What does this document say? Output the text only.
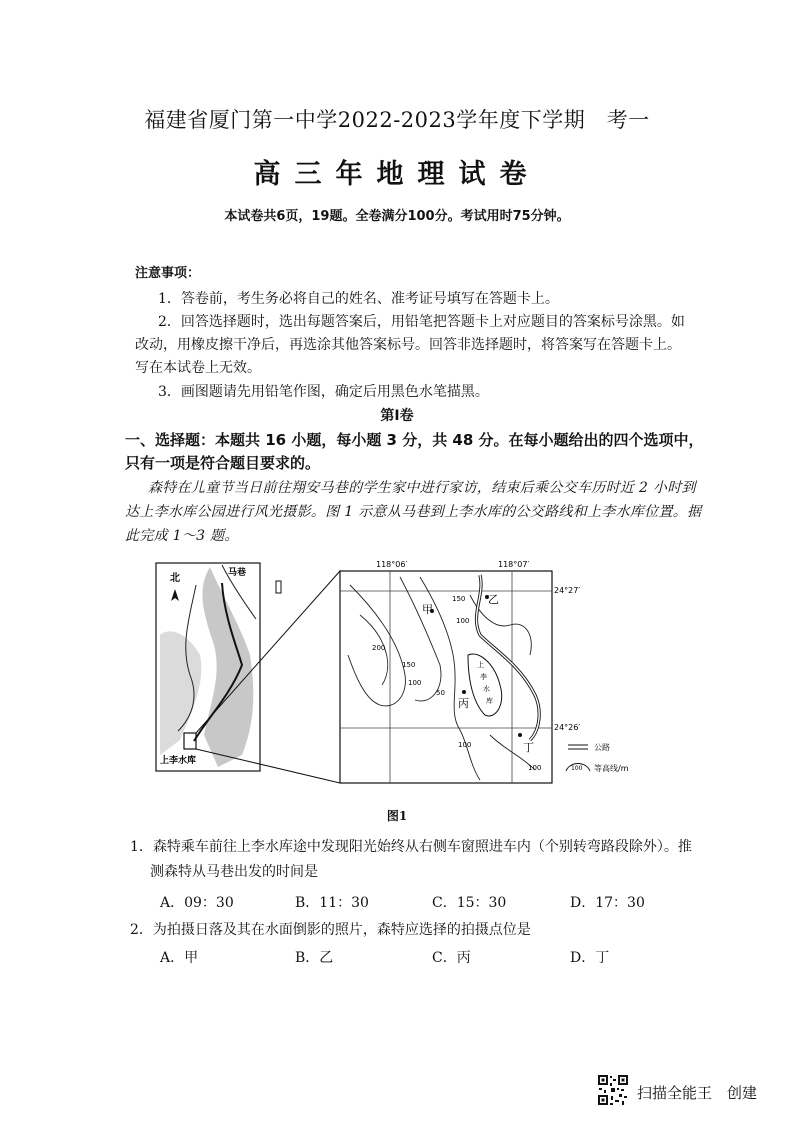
福建省厦门第一中学2022-2023学年度下学期　考一
高三年地理试卷
本试卷共6页，19题。全卷满分100分。考试用时75分钟。
注意事项：
1．答卷前，考生务必将自己的姓名、准考证号填写在答题卡上。
2．回答选择题时，选出每题答案后，用铅笔把答题卡上对应题目的答案标号涂黑。如
改动，用橡皮擦干净后，再选涂其他答案标号。回答非选择题时，将答案写在答题卡上。
写在本试卷上无效。
3．画图题请先用铅笔作图，确定后用黑色水笔描黑。
第Ⅰ卷
一、选择题：本题共 16 小题，每小题 3 分，共 48 分。在每小题给出的四个选项中，
只有一项是符合题目要求的。
森特在儿童节当日前往翔安马巷的学生家中进行家访，结束后乘公交车历时近 2 小时到
达上李水库公园进行风光摄影。图 1 示意从马巷到上李水库的公交路线和上李水库位置。据
此完成 1～3 题。
北	马巷
上李水库
甲
乙
丙
丁
上
李
水
库
150
100
200
150
100
50
100
100
118°06′	118°07′
24°27′
24°26′
公路
100 等高线/m
图1
1．森特乘车前往上李水库途中发现阳光始终从右侧车窗照进车内（个别转弯路段除外）。推
测森特从马巷出发的时间是
A．09：30	B．11：30	C．15：30	D．17：30
2．为拍摄日落及其在水面倒影的照片，森特应选择的拍摄点位是
A．甲	B．乙	C．丙	D．丁
扫描全能王　创建
